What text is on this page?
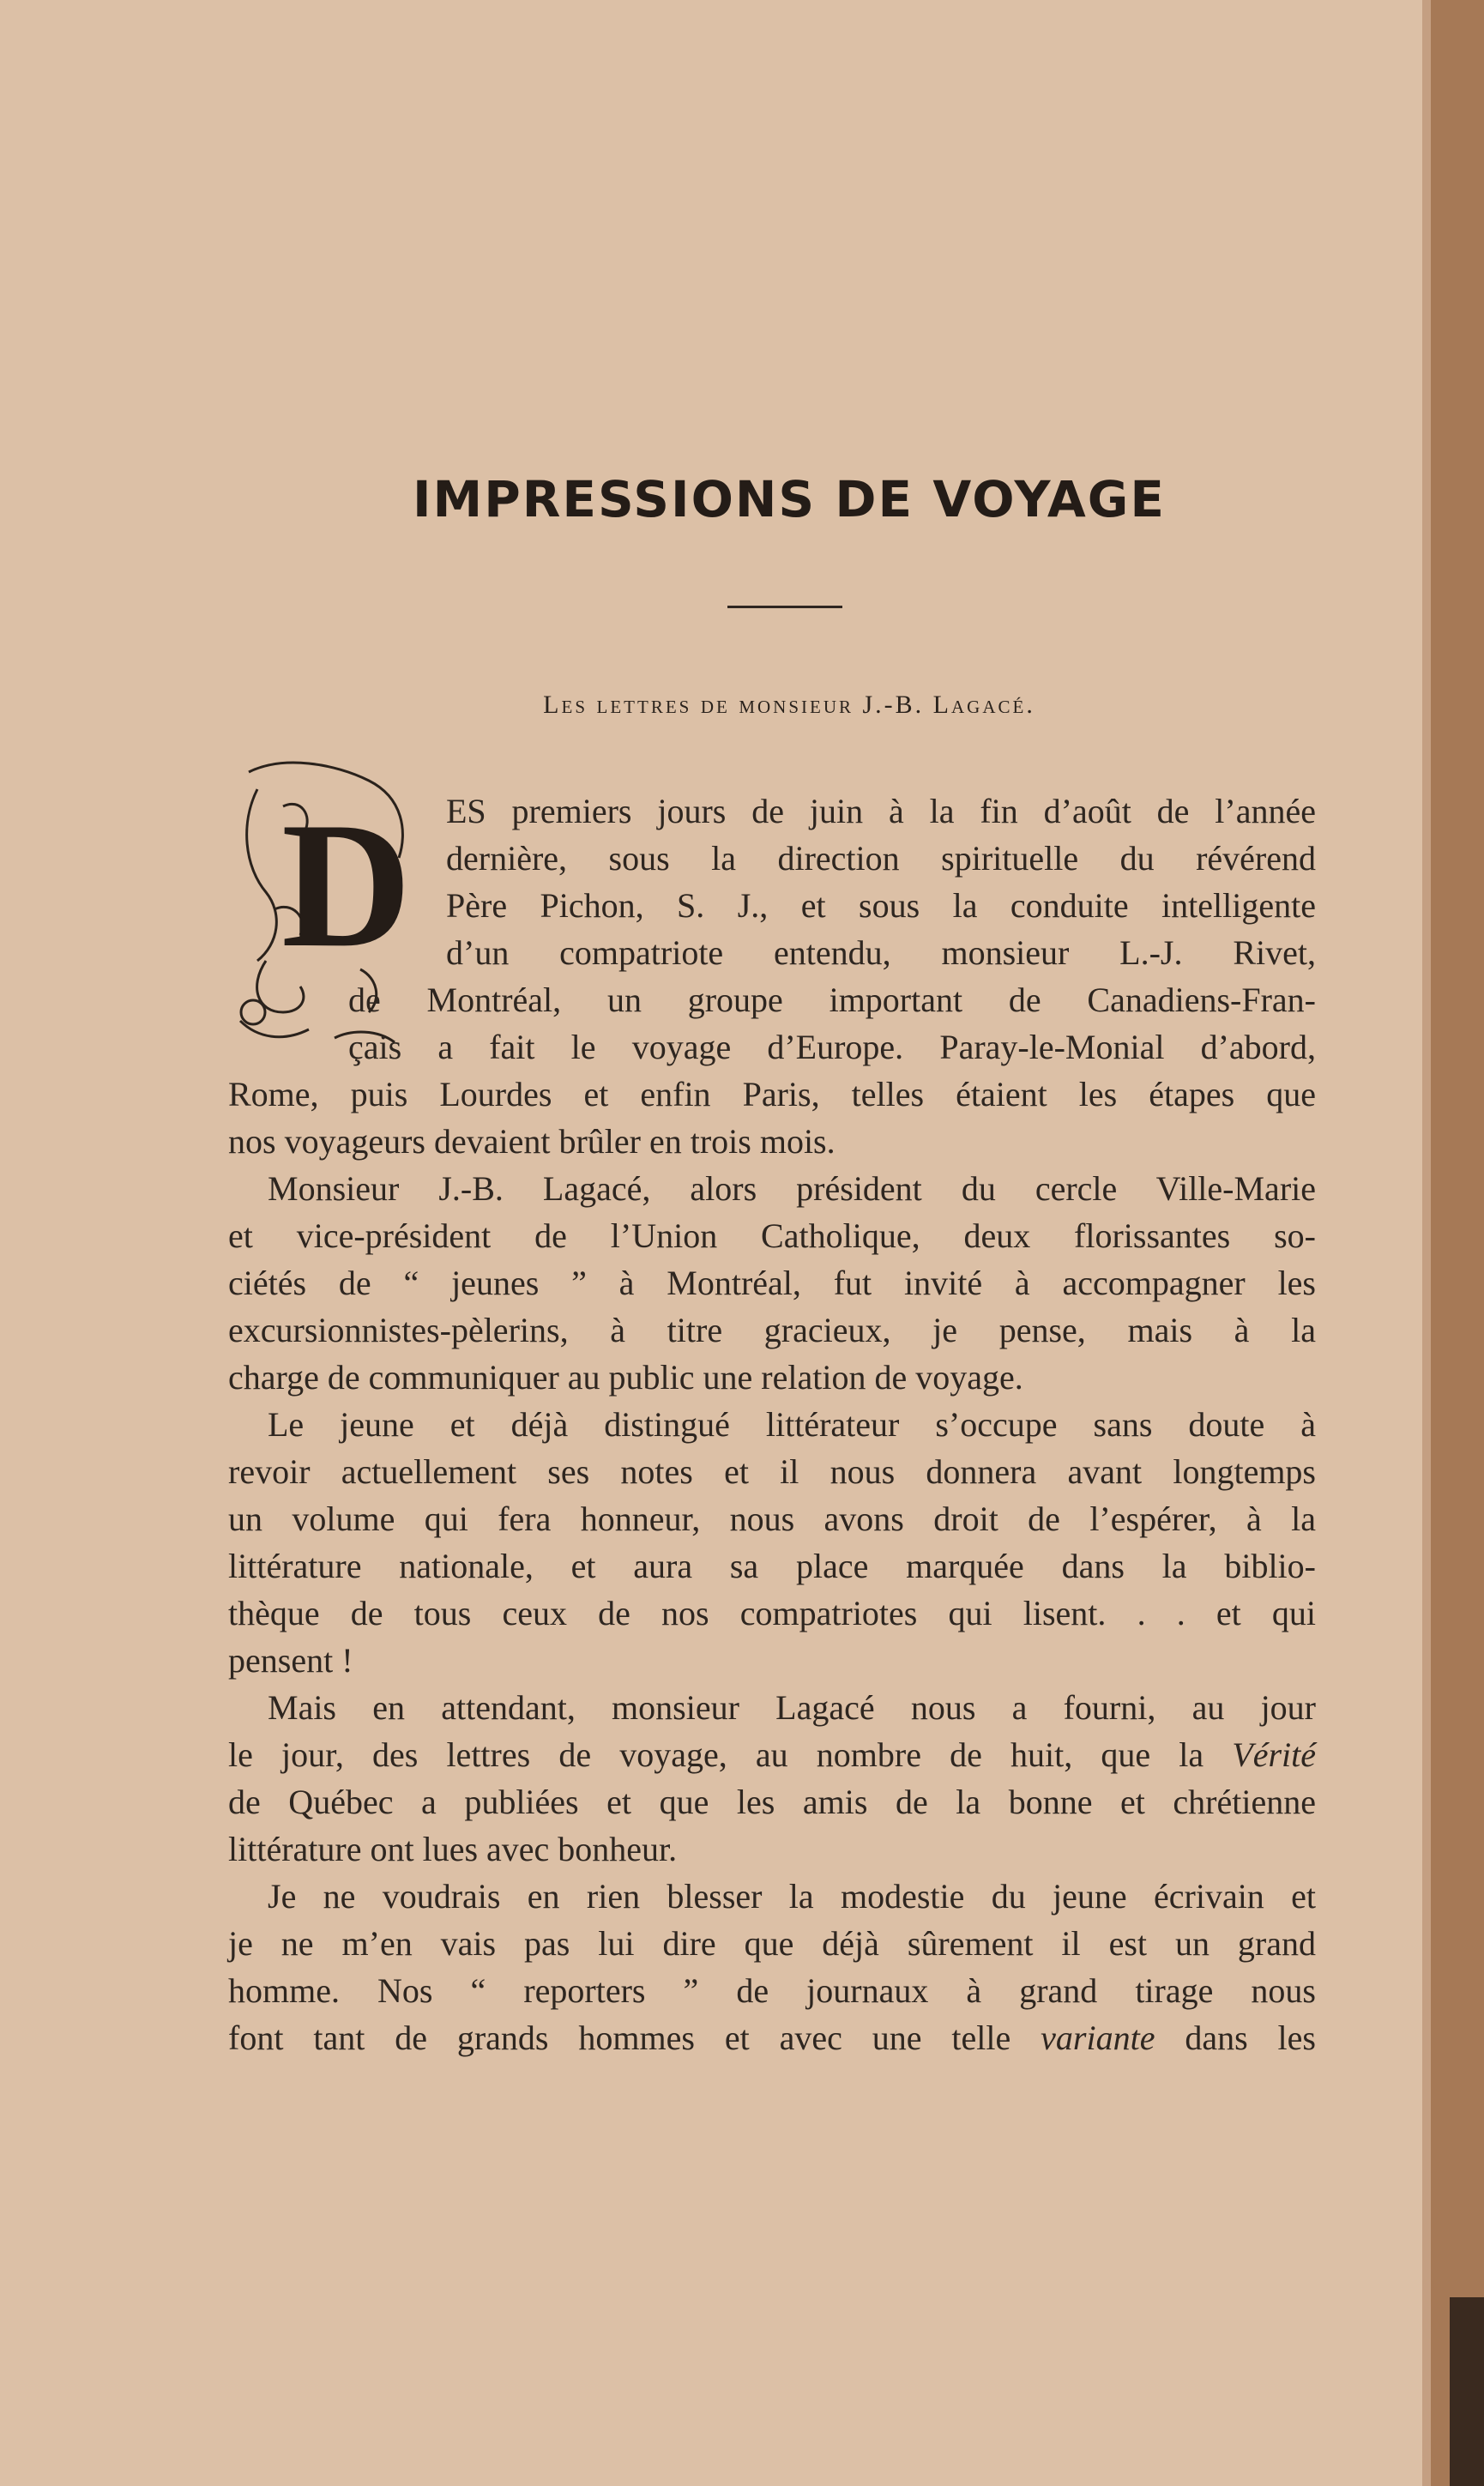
IMPRESSIONS DE VOYAGE
Les lettres de monsieur J.-B. Lagacé.
D	ES premiers jours de juin à la fin d’août de l’année
dernière, sous la direction spirituelle du révérend
Père Pichon, S. J., et sous la conduite intelligente
d’un compatriote entendu, monsieur L.-J. Rivet,
de Montréal, un groupe important de Canadiens-Fran-
çais a fait le voyage d’Europe. Paray-le-Monial d’abord,
Rome, puis Lourdes et enfin Paris, telles étaient les étapes que
nos voyageurs devaient brûler en trois mois.
Monsieur J.-B. Lagacé, alors président du cercle Ville-Marie
et vice-président de l’Union Catholique, deux florissantes so-
ciétés de “ jeunes ” à Montréal, fut invité à accompagner les
excursionnistes-pèlerins, à titre gracieux, je pense, mais à la
charge de communiquer au public une relation de voyage.
Le jeune et déjà distingué littérateur s’occupe sans doute à
revoir actuellement ses notes et il nous donnera avant longtemps
un volume qui fera honneur, nous avons droit de l’espérer, à la
littérature nationale, et aura sa place marquée dans la biblio-
thèque de tous ceux de nos compatriotes qui lisent. . . et qui
pensent !
Mais en attendant, monsieur Lagacé nous a fourni, au jour
le jour, des lettres de voyage, au nombre de huit, que la Vérité
de Québec a publiées et que les amis de la bonne et chrétienne
littérature ont lues avec bonheur.
Je ne voudrais en rien blesser la modestie du jeune écrivain et
je ne m’en vais pas lui dire que déjà sûrement il est un grand
homme. Nos “ reporters ” de journaux à grand tirage nous
font tant de grands hommes et avec une telle variante dans les
